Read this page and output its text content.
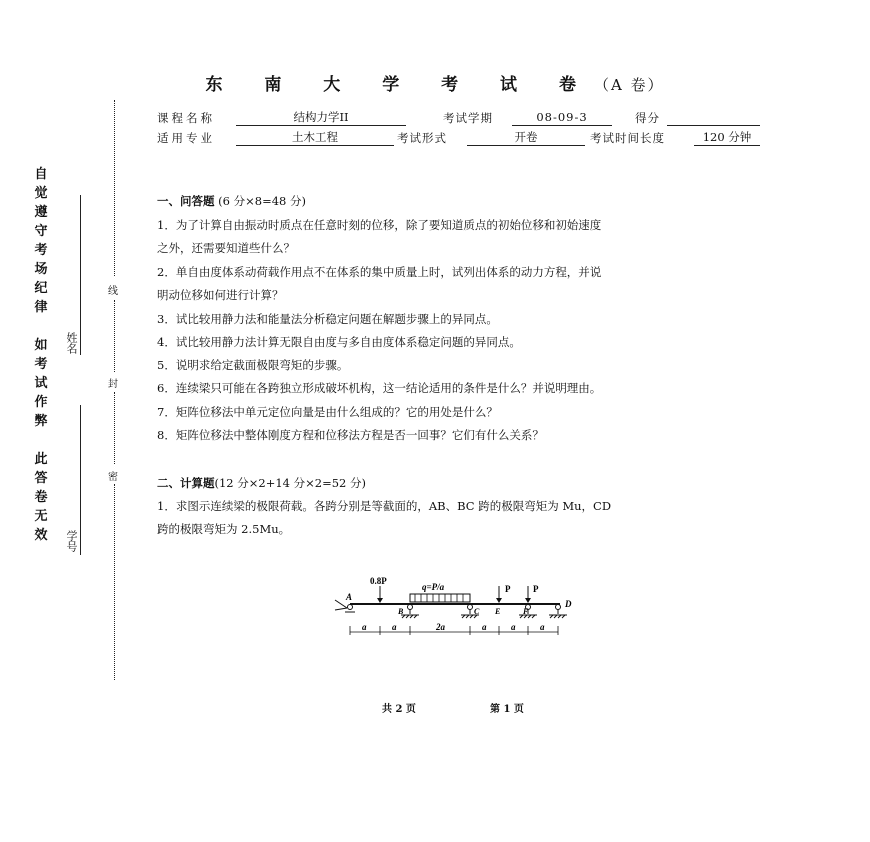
东 南 大 学 考 试 卷（A 卷）
课程名称	结构力学II	考试学期	08-09-3	得分
适用专业	土木工程	考试形式	开卷	考试时间长度	120 分钟
自
觉
遵
守
考
场
纪
律
如
考
试
作
弊
此
答
卷
无
效
姓名
学号
线
封
密
一、问答题 (6 分×8=48 分)
1．为了计算自由振动时质点在任意时刻的位移，除了要知道质点的初始位移和初始速度
之外，还需要知道些什么？
2．单自由度体系动荷载作用点不在体系的集中质量上时，试列出体系的动力方程，并说
明动位移如何进行计算？
3．试比较用静力法和能量法分析稳定问题在解题步骤上的异同点。
4．试比较用静力法计算无限自由度与多自由度体系稳定问题的异同点。
5．说明求给定截面极限弯矩的步骤。
6．连续梁只可能在各跨独立形成破坏机构，这一结论适用的条件是什么？并说明理由。
7．矩阵位移法中单元定位向量是由什么组成的？它的用处是什么？
8．矩阵位移法中整体刚度方程和位移法方程是否一回事？它们有什么关系？
二、计算题(12 分×2+14 分×2=52 分)
1．求图示连续梁的极限荷载。各跨分别是等截面的，AB、BC 跨的极限弯矩为 Mu，CD
跨的极限弯矩为 2.5Mu。
0.8P
q=P/a	P	P
A
B	C E	F
D
a	a	2a	a	a	a
共 2 页	第 1 页
